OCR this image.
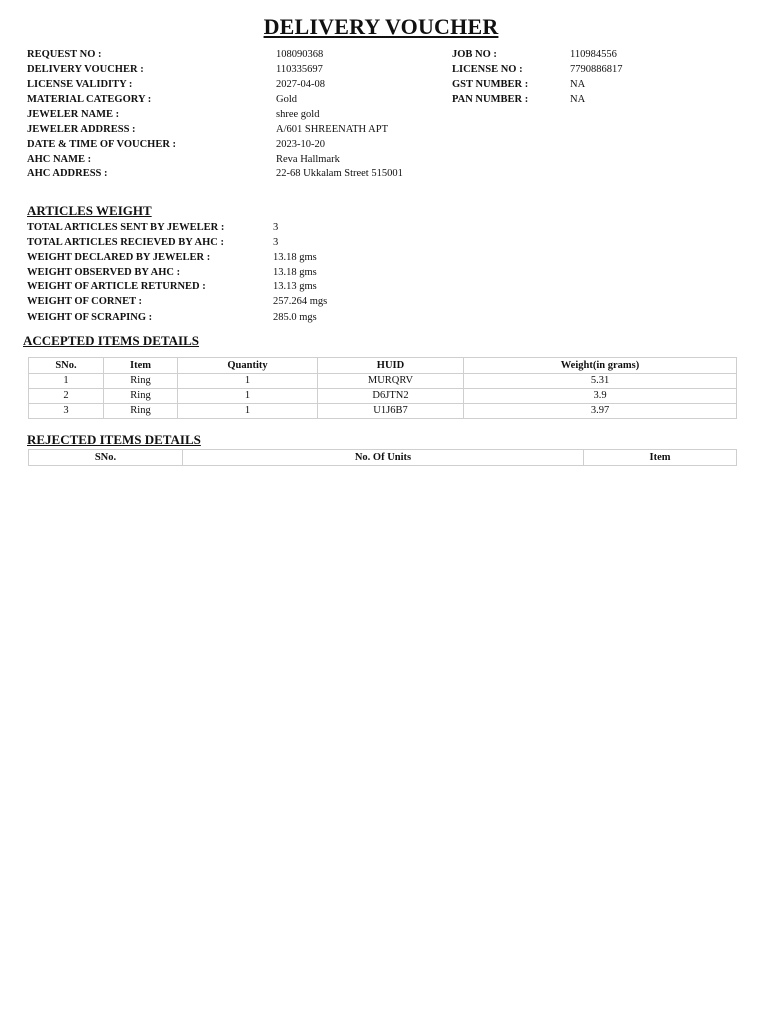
DELIVERY VOUCHER
REQUEST NO :	108090368
DELIVERY VOUCHER :	110335697
LICENSE VALIDITY :	2027-04-08
MATERIAL CATEGORY :	Gold
JEWELER NAME :	shree gold
JEWELER ADDRESS :	A/601 SHREENATH APT
DATE & TIME OF VOUCHER :	2023-10-20
AHC NAME :	Reva Hallmark
AHC ADDRESS :	22-68 Ukkalam Street 515001
JOB NO :	110984556
LICENSE NO :	7790886817
GST NUMBER :	NA
PAN NUMBER :	NA
ARTICLES WEIGHT
TOTAL ARTICLES SENT BY JEWELER :	3
TOTAL ARTICLES RECIEVED BY AHC :	3
WEIGHT DECLARED BY JEWELER :	13.18 gms
WEIGHT OBSERVED BY AHC :	13.18 gms
WEIGHT OF ARTICLE RETURNED :	13.13 gms
WEIGHT OF CORNET :	257.264 mgs
WEIGHT OF SCRAPING :	285.0 mgs
ACCEPTED ITEMS DETAILS
SNo.	Item	Quantity	HUID	Weight(in grams)
1	Ring	1	MURQRV	5.31
2	Ring	1	D6JTN2	3.9
3	Ring	1	U1J6B7	3.97
REJECTED ITEMS DETAILS
SNo.	No. Of Units	Item
